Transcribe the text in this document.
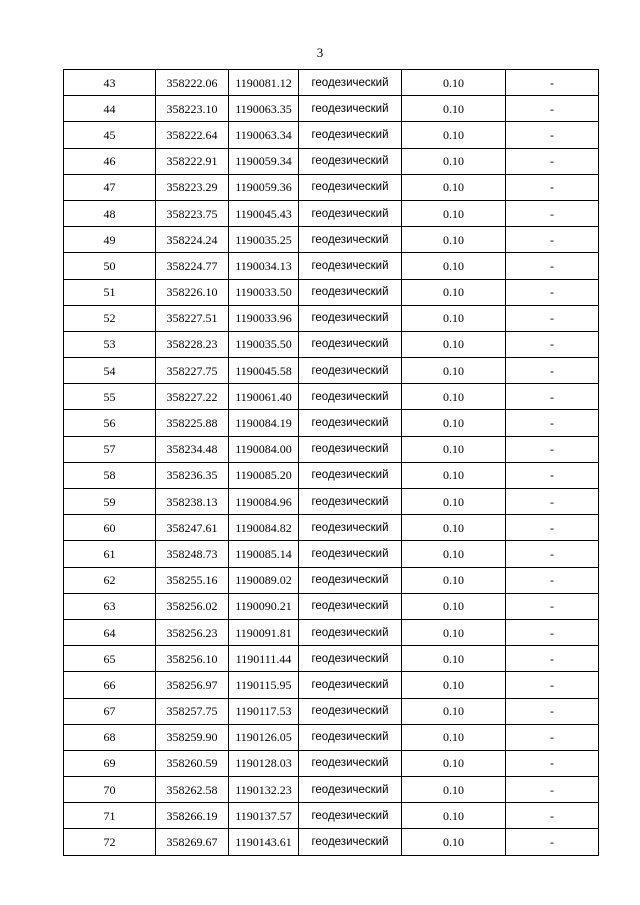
3
43	358222.06	1190081.12	геодезический	0.10	-
44	358223.10	1190063.35	геодезический	0.10	-
45	358222.64	1190063.34	геодезический	0.10	-
46	358222.91	1190059.34	геодезический	0.10	-
47	358223.29	1190059.36	геодезический	0.10	-
48	358223.75	1190045.43	геодезический	0.10	-
49	358224.24	1190035.25	геодезический	0.10	-
50	358224.77	1190034.13	геодезический	0.10	-
51	358226.10	1190033.50	геодезический	0.10	-
52	358227.51	1190033.96	геодезический	0.10	-
53	358228.23	1190035.50	геодезический	0.10	-
54	358227.75	1190045.58	геодезический	0.10	-
55	358227.22	1190061.40	геодезический	0.10	-
56	358225.88	1190084.19	геодезический	0.10	-
57	358234.48	1190084.00	геодезический	0.10	-
58	358236.35	1190085.20	геодезический	0.10	-
59	358238.13	1190084.96	геодезический	0.10	-
60	358247.61	1190084.82	геодезический	0.10	-
61	358248.73	1190085.14	геодезический	0.10	-
62	358255.16	1190089.02	геодезический	0.10	-
63	358256.02	1190090.21	геодезический	0.10	-
64	358256.23	1190091.81	геодезический	0.10	-
65	358256.10	1190111.44	геодезический	0.10	-
66	358256.97	1190115.95	геодезический	0.10	-
67	358257.75	1190117.53	геодезический	0.10	-
68	358259.90	1190126.05	геодезический	0.10	-
69	358260.59	1190128.03	геодезический	0.10	-
70	358262.58	1190132.23	геодезический	0.10	-
71	358266.19	1190137.57	геодезический	0.10	-
72	358269.67	1190143.61	геодезический	0.10	-
